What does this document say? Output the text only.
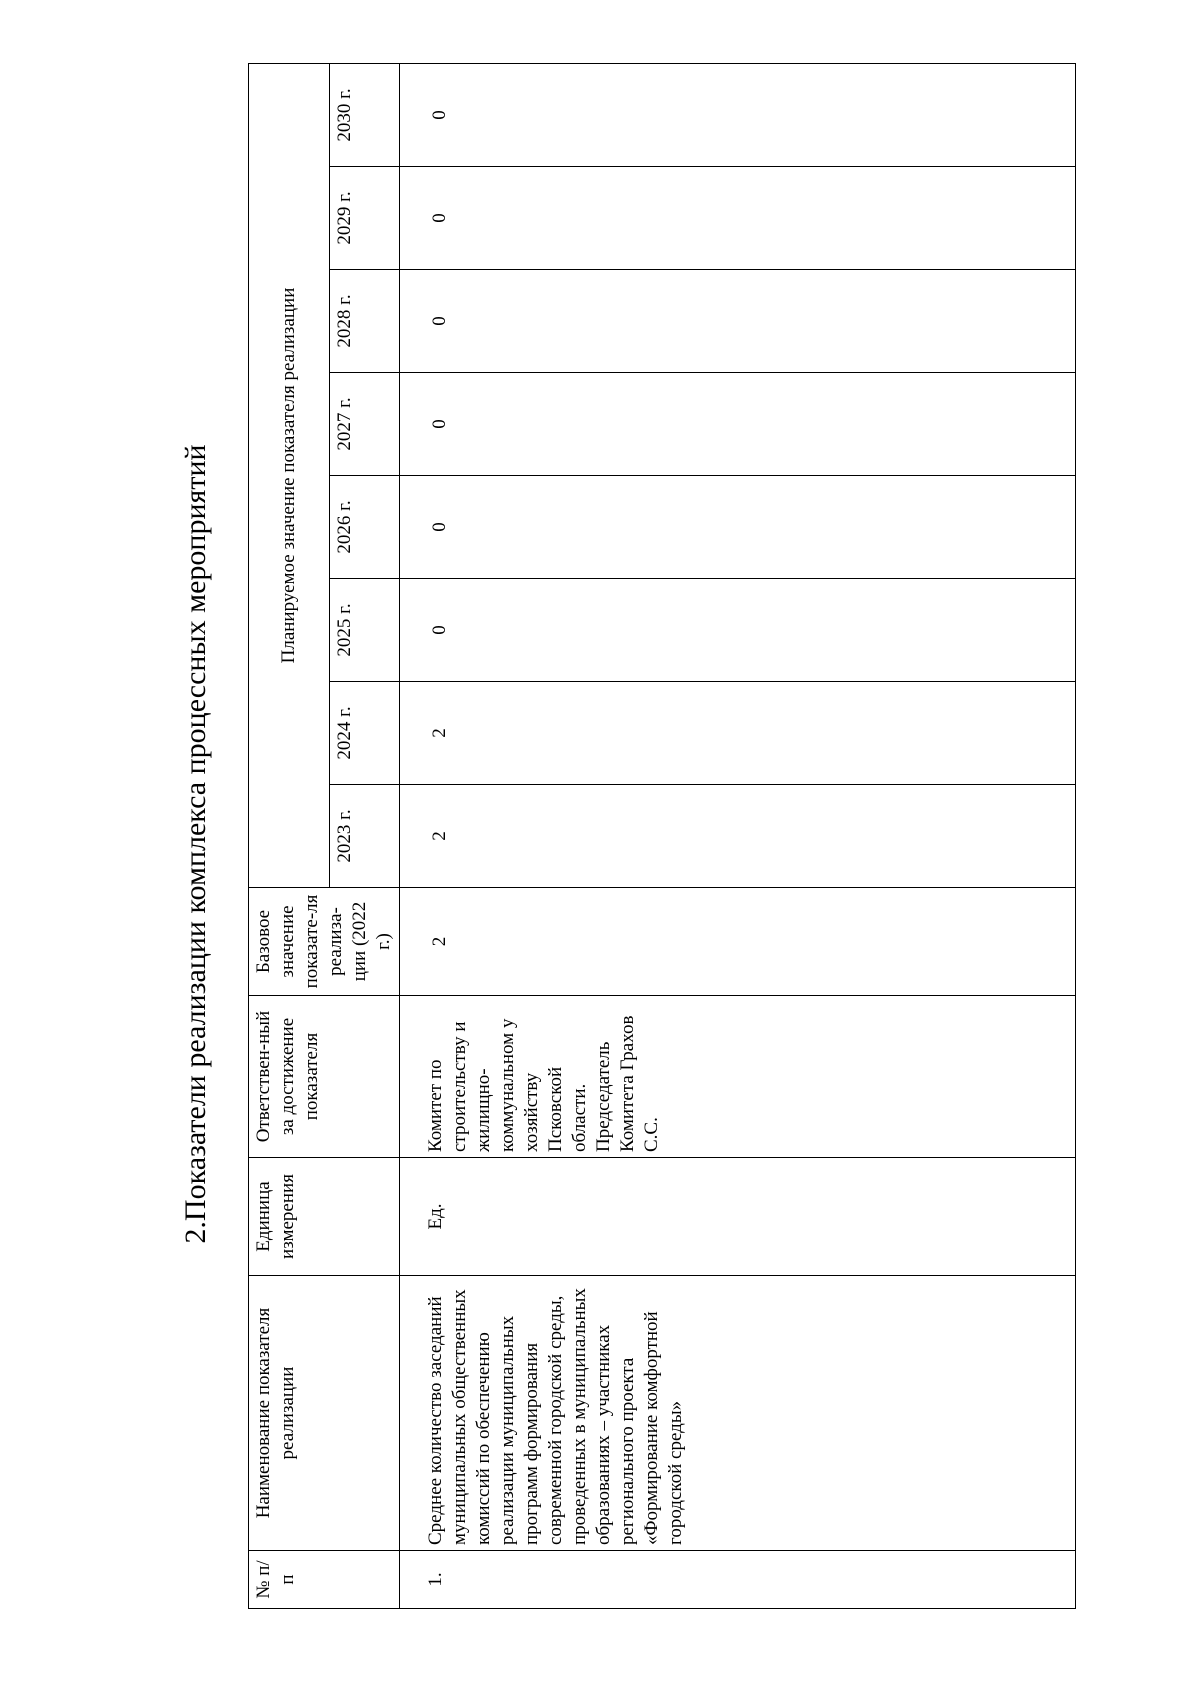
2.Показатели реализации комплекса процессных мероприятий
№ п/п	Наименование показателя реализации	Единица измерения	Ответствен-ный за достижение показателя	Базовое значение показате-ля реализа-ции (2022 г.)	Планируемое значение показателя реализации							
					2023 г.	2024 г.	2025 г.	2026 г.	2027 г.	2028 г.	2029 г.	2030 г.
1.	Среднее количество заседаний муниципальных общественных комиссий по обеспечению реализации муниципальных программ формирования современной городской среды, проведенных в муниципальных образованиях – участниках регионального проекта «Формирование комфортной городской среды»	Ед.	Комитет по строительству и жилищно-коммунальном у хозяйству Псковской области. Председатель Комитета Грахов С.С.	2	2	2	0	0	0	0	0	0
